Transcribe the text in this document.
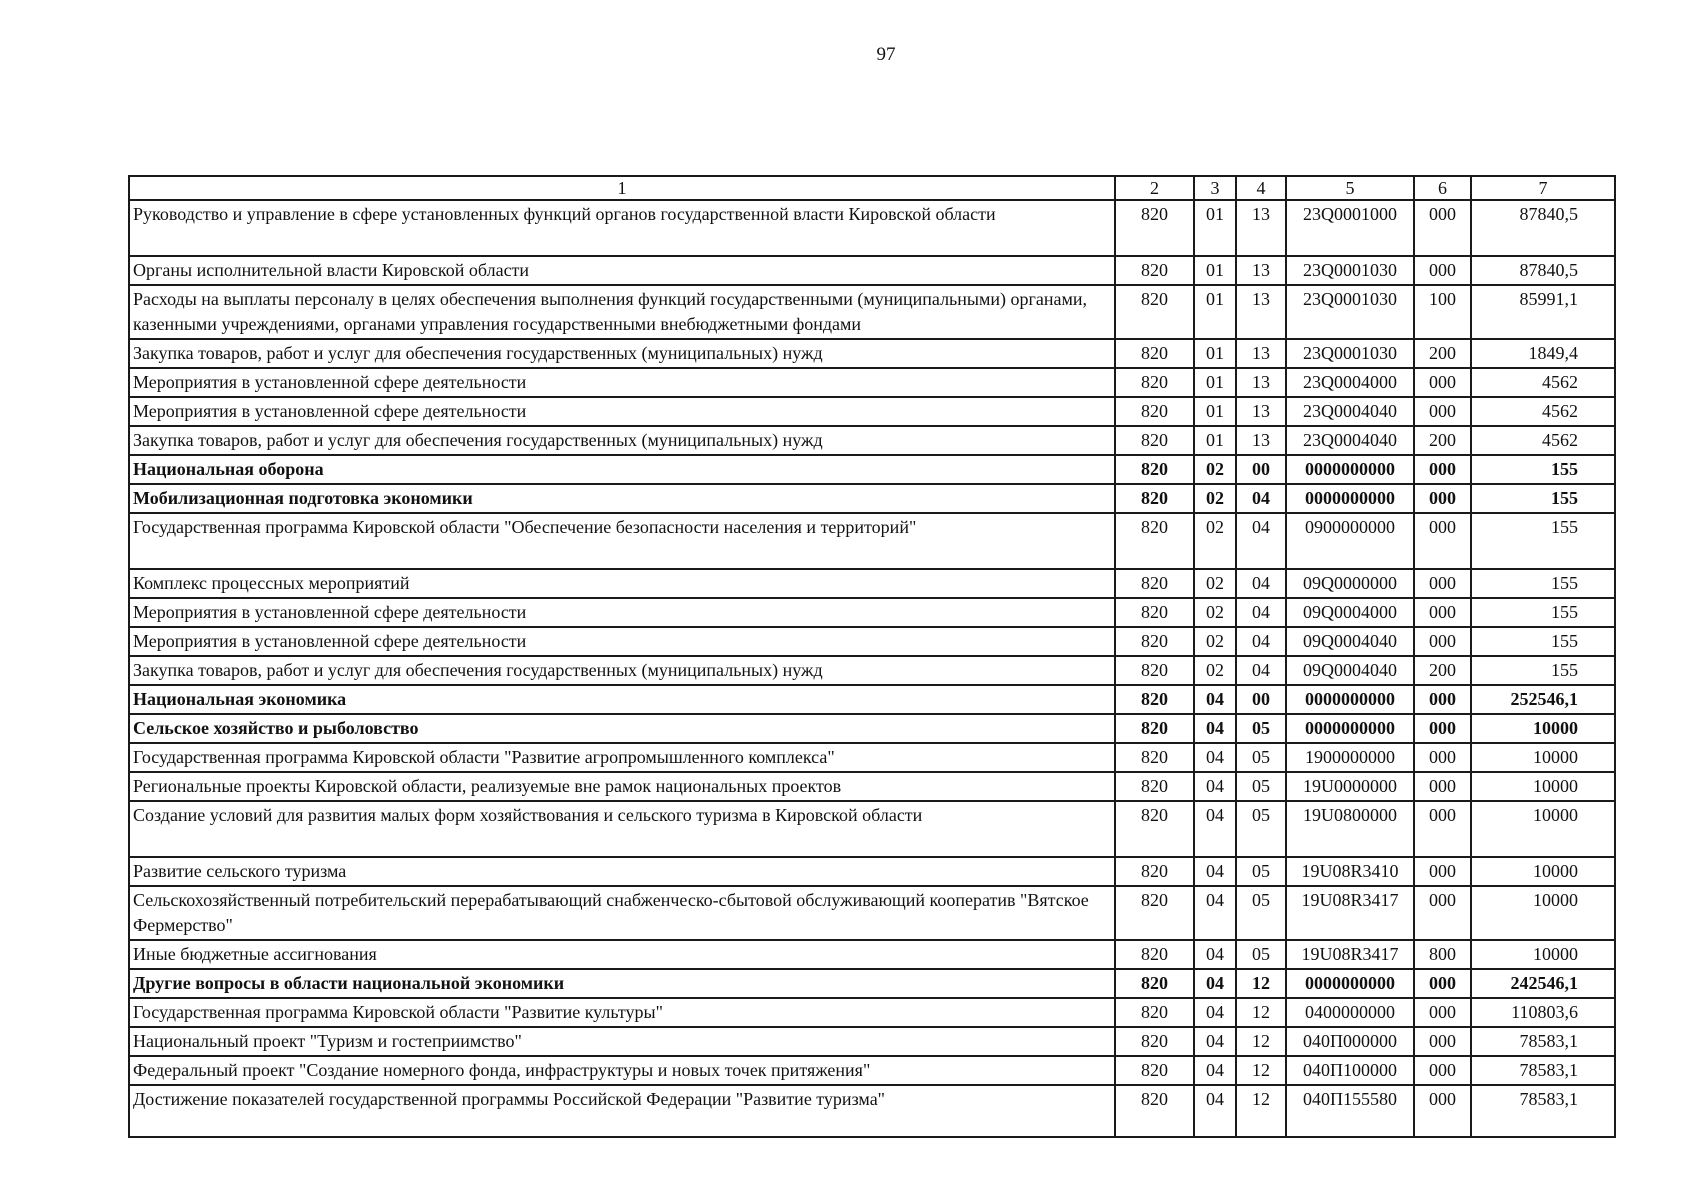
97
1	2	3	4	5	6	7
Руководство и управление в сфере установленных функций органов государственной власти Кировской области	820	01	13	23Q0001000	000	87840,5
Органы исполнительной власти Кировской области	820	01	13	23Q0001030	000	87840,5
Расходы на выплаты персоналу в целях обеспечения выполнения функций государственными (муниципальными) органами, казенными учреждениями, органами управления государственными внебюджетными фондами	820	01	13	23Q0001030	100	85991,1
Закупка товаров, работ и услуг для обеспечения государственных (муниципальных) нужд	820	01	13	23Q0001030	200	1849,4
Мероприятия в установленной сфере деятельности	820	01	13	23Q0004000	000	4562
Мероприятия в установленной сфере деятельности	820	01	13	23Q0004040	000	4562
Закупка товаров, работ и услуг для обеспечения государственных (муниципальных) нужд	820	01	13	23Q0004040	200	4562
Национальная оборона	820	02	00	0000000000	000	155
Мобилизационная подготовка экономики	820	02	04	0000000000	000	155
Государственная программа Кировской области "Обеспечение безопасности населения и территорий"	820	02	04	0900000000	000	155
Комплекс процессных мероприятий	820	02	04	09Q0000000	000	155
Мероприятия в установленной сфере деятельности	820	02	04	09Q0004000	000	155
Мероприятия в установленной сфере деятельности	820	02	04	09Q0004040	000	155
Закупка товаров, работ и услуг для обеспечения государственных (муниципальных) нужд	820	02	04	09Q0004040	200	155
Национальная экономика	820	04	00	0000000000	000	252546,1
Сельское хозяйство и рыболовство	820	04	05	0000000000	000	10000
Государственная программа Кировской области "Развитие агропромышленного комплекса"	820	04	05	1900000000	000	10000
Региональные проекты Кировской области, реализуемые вне рамок национальных проектов	820	04	05	19U0000000	000	10000
Создание условий для развития малых форм хозяйствования и сельского туризма в Кировской области	820	04	05	19U0800000	000	10000
Развитие сельского туризма	820	04	05	19U08R3410	000	10000
Сельскохозяйственный потребительский перерабатывающий снабженческо-сбытовой обслуживающий кооператив "Вятское Фермерство"	820	04	05	19U08R3417	000	10000
Иные бюджетные ассигнования	820	04	05	19U08R3417	800	10000
Другие вопросы в области национальной экономики	820	04	12	0000000000	000	242546,1
Государственная программа Кировской области "Развитие культуры"	820	04	12	0400000000	000	110803,6
Национальный проект "Туризм и гостеприимство"	820	04	12	040П000000	000	78583,1
Федеральный проект "Создание номерного фонда, инфраструктуры и новых точек притяжения"	820	04	12	040П100000	000	78583,1
Достижение показателей государственной программы Российской Федерации "Развитие туризма"	820	04	12	040П155580	000	78583,1
